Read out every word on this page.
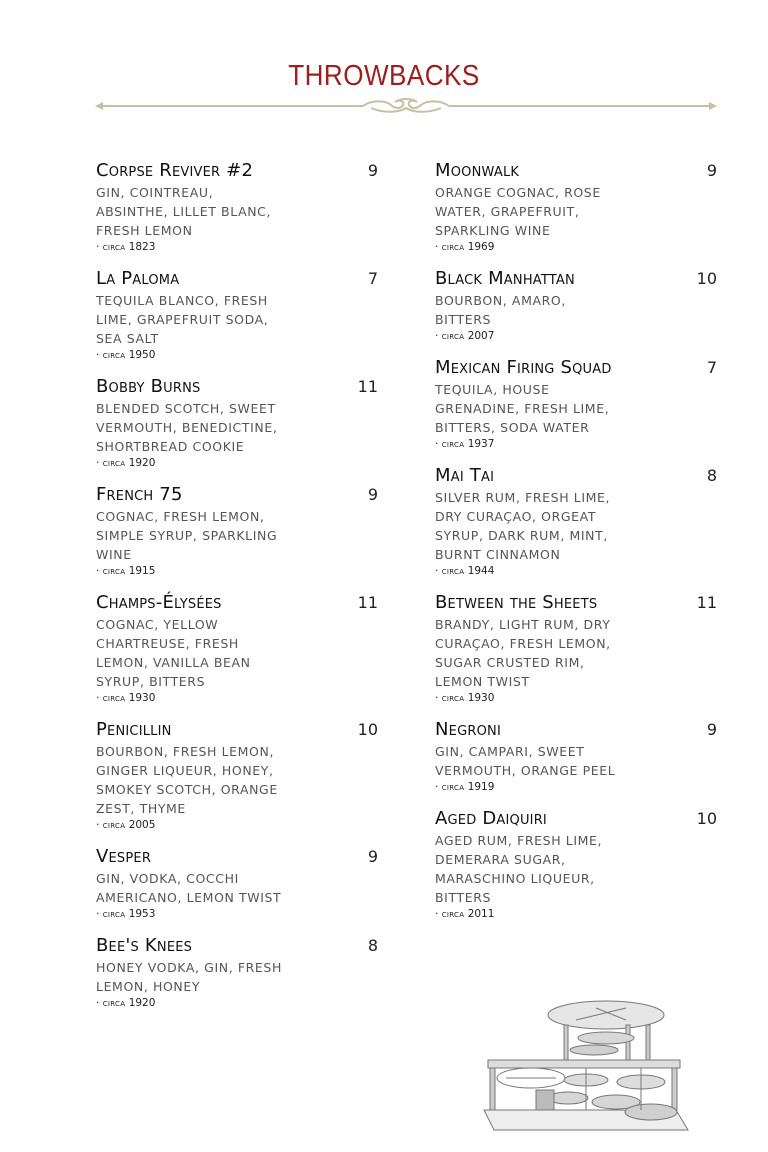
THROWBACKS
Corpse Reviver #2	9
GIN, COINTREAU, ABSINTHE, LILLET BLANC, FRESH LEMON
· circa 1823
La Paloma	7
TEQUILA BLANCO, FRESH LIME, GRAPEFRUIT SODA, SEA SALT
· circa 1950
Bobby Burns	11
BLENDED SCOTCH, SWEET VERMOUTH, BENEDICTINE, SHORTBREAD COOKIE
· circa 1920
French 75	9
COGNAC, FRESH LEMON, SIMPLE SYRUP, SPARKLING WINE
· circa 1915
Champs-Élysées	11
COGNAC, YELLOW CHARTREUSE, FRESH LEMON, VANILLA BEAN SYRUP, BITTERS
· circa 1930
Penicillin	10
BOURBON, FRESH LEMON, GINGER LIQUEUR, HONEY, SMOKEY SCOTCH, ORANGE ZEST, THYME
· circa 2005
Vesper	9
GIN, VODKA, COCCHI AMERICANO, LEMON TWIST
· circa 1953
Bee's Knees	8
HONEY VODKA, GIN, FRESH LEMON, HONEY
· circa 1920
Moonwalk	9
ORANGE COGNAC, ROSE WATER, GRAPEFRUIT, SPARKLING WINE
· circa 1969
Black Manhattan	10
BOURBON, AMARO, BITTERS
· circa 2007
Mexican Firing Squad	7
TEQUILA, HOUSE GRENADINE, FRESH LIME, BITTERS, SODA WATER
· circa 1937
Mai Tai	8
SILVER RUM, FRESH LIME, DRY CURAÇAO, ORGEAT SYRUP, DARK RUM, MINT, BURNT CINNAMON
· circa 1944
Between the Sheets	11
BRANDY, LIGHT RUM, DRY CURAÇAO, FRESH LEMON, SUGAR CRUSTED RIM, LEMON TWIST
· circa 1930
Negroni	9
GIN, CAMPARI, SWEET VERMOUTH, ORANGE PEEL
· circa 1919
Aged Daiquiri	10
AGED RUM, FRESH LIME, DEMERARA SUGAR, MARASCHINO LIQUEUR, BITTERS
· circa 2011
